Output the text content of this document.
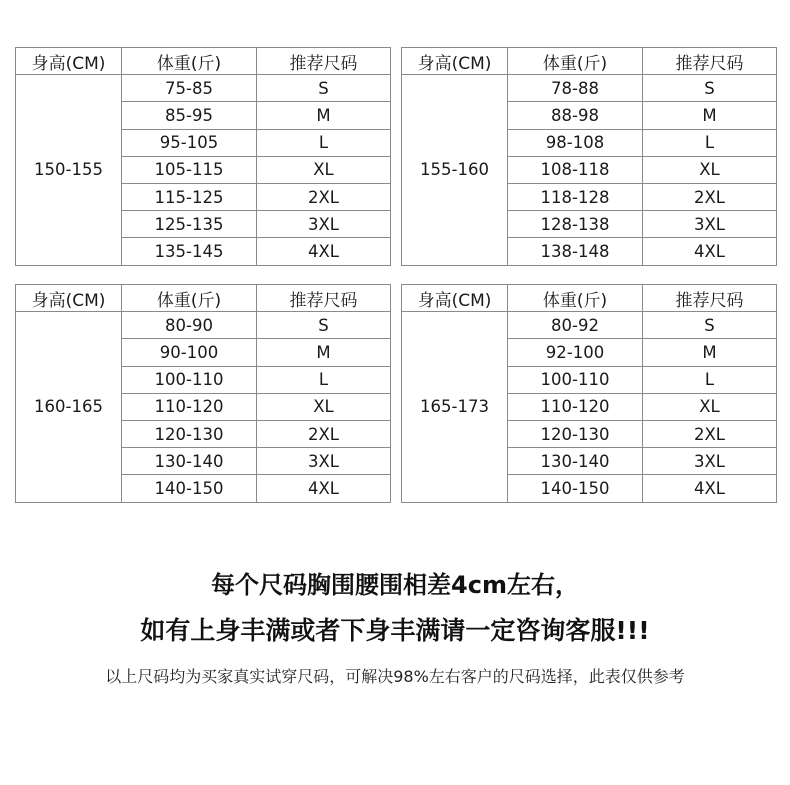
身高(CM)	体重(斤)	推荐尺码
150-155	75-85	S
	85-95	M
	95-105	L
	105-115	XL
	115-125	2XL
	125-135	3XL
	135-145	4XL
身高(CM)	体重(斤)	推荐尺码
155-160	78-88	S
	88-98	M
	98-108	L
	108-118	XL
	118-128	2XL
	128-138	3XL
	138-148	4XL
身高(CM)	体重(斤)	推荐尺码
160-165	80-90	S
	90-100	M
	100-110	L
	110-120	XL
	120-130	2XL
	130-140	3XL
	140-150	4XL
身高(CM)	体重(斤)	推荐尺码
165-173	80-92	S
	92-100	M
	100-110	L
	110-120	XL
	120-130	2XL
	130-140	3XL
	140-150	4XL
每个尺码胸围腰围相差4cm左右，
如有上身丰满或者下身丰满请一定咨询客服!!!
以上尺码均为买家真实试穿尺码，可解决98%左右客户的尺码选择，此表仅供参考
